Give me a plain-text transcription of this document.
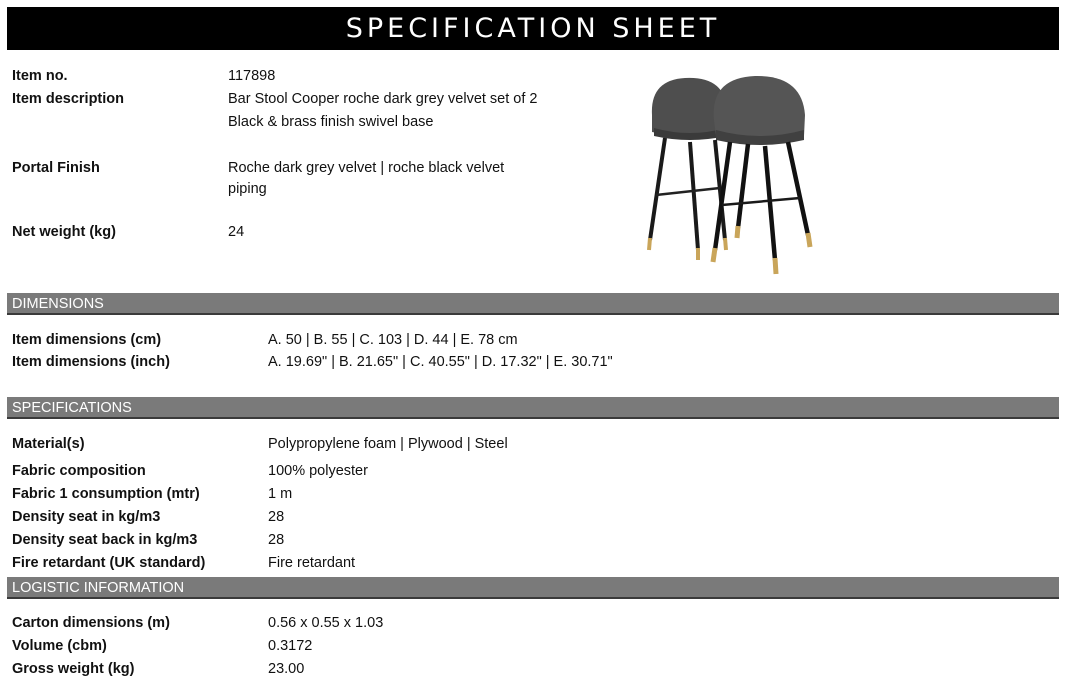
SPECIFICATION SHEET
Item no.	117898
Item description	Bar Stool Cooper roche dark grey velvet set of 2
Black & brass finish swivel base
Portal Finish	Roche dark grey velvet | roche black velvet
piping
Net weight (kg)	24
DIMENSIONS
Item dimensions (cm)	A. 50 | B. 55 | C. 103 | D. 44 | E. 78 cm
Item dimensions (inch)	A. 19.69" | B. 21.65" | C. 40.55" | D. 17.32" | E. 30.71"
SPECIFICATIONS
Material(s)	Polypropylene foam | Plywood | Steel
Fabric composition	100% polyester
Fabric 1 consumption (mtr)	1 m
Density seat in kg/m3	28
Density seat back in kg/m3	28
Fire retardant (UK standard)	Fire retardant
LOGISTIC INFORMATION
Carton dimensions (m)	0.56 x 0.55 x 1.03
Volume (cbm)	0.3172
Gross weight (kg)	23.00
